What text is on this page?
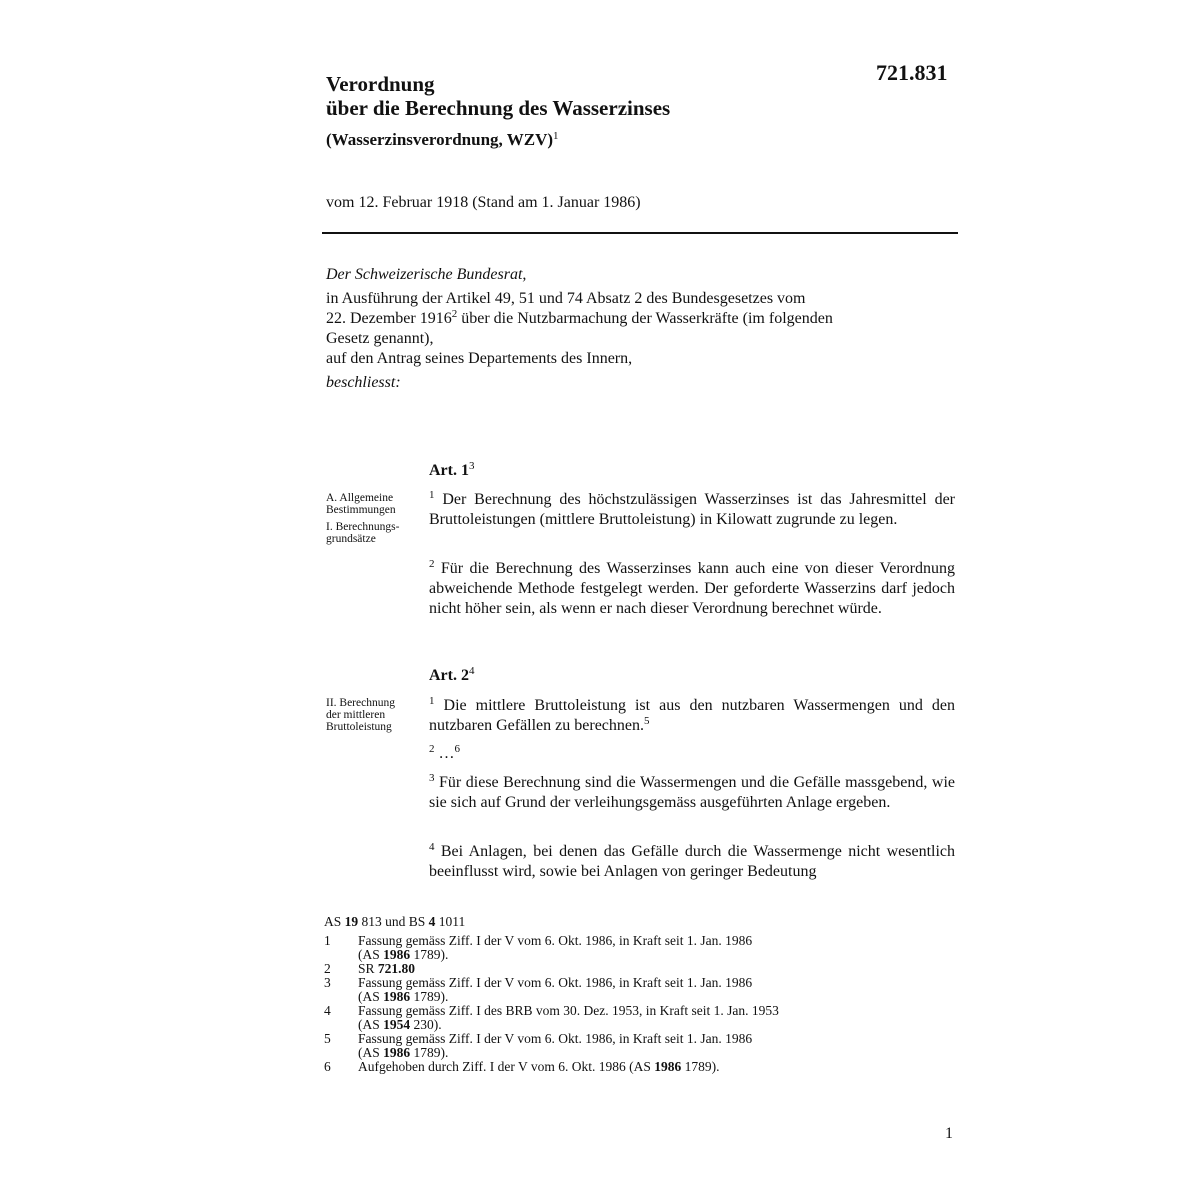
721.831
Verordnung
über die Berechnung des Wasserzinses
(Wasserzinsverordnung, WZV)$^1$
vom 12. Februar 1918 (Stand am 1. Januar 1986)
Der Schweizerische Bundesrat,
in Ausführung der Artikel 49, 51 und 74 Absatz 2 des Bundesgesetzes vom
22. Dezember 1916$^2$ über die Nutzbarmachung der Wasserkräfte (im folgenden
Gesetz genannt),
auf den Antrag seines Departements des Innern,
beschliesst:
Art. 1$^3$
A. Allgemeine
Bestimmungen
I. Berechnungs-
grundsätze
$^1$ Der Berechnung des höchstzulässigen Wasserzinses ist das Jahresmittel der Bruttoleistungen (mittlere Bruttoleistung) in Kilowatt zugrunde zu legen.
$^2$ Für die Berechnung des Wasserzinses kann auch eine von dieser Verordnung abweichende Methode festgelegt werden. Der geforderte Wasserzins darf jedoch nicht höher sein, als wenn er nach dieser Verordnung berechnet würde.
Art. 2$^4$
II. Berechnung
der mittleren
Bruttoleistung
$^1$ Die mittlere Bruttoleistung ist aus den nutzbaren Wassermengen und den nutzbaren Gefällen zu berechnen.$^5$
$^2$ …$^6$
$^3$ Für diese Berechnung sind die Wassermengen und die Gefälle massgebend, wie sie sich auf Grund der verleihungsgemäss ausgeführten Anlage ergeben.
$^4$ Bei Anlagen, bei denen das Gefälle durch die Wassermenge nicht wesentlich beeinflusst wird, sowie bei Anlagen von geringer Bedeutung
AS 19 813 und BS 4 1011
1	Fassung gemäss Ziff. I der V vom 6. Okt. 1986, in Kraft seit 1. Jan. 1986
(AS 1986 1789).
2	SR 721.80
3	Fassung gemäss Ziff. I der V vom 6. Okt. 1986, in Kraft seit 1. Jan. 1986
(AS 1986 1789).
4	Fassung gemäss Ziff. I des BRB vom 30. Dez. 1953, in Kraft seit 1. Jan. 1953
(AS 1954 230).
5	Fassung gemäss Ziff. I der V vom 6. Okt. 1986, in Kraft seit 1. Jan. 1986
(AS 1986 1789).
6	Aufgehoben durch Ziff. I der V vom 6. Okt. 1986 (AS 1986 1789).
1
